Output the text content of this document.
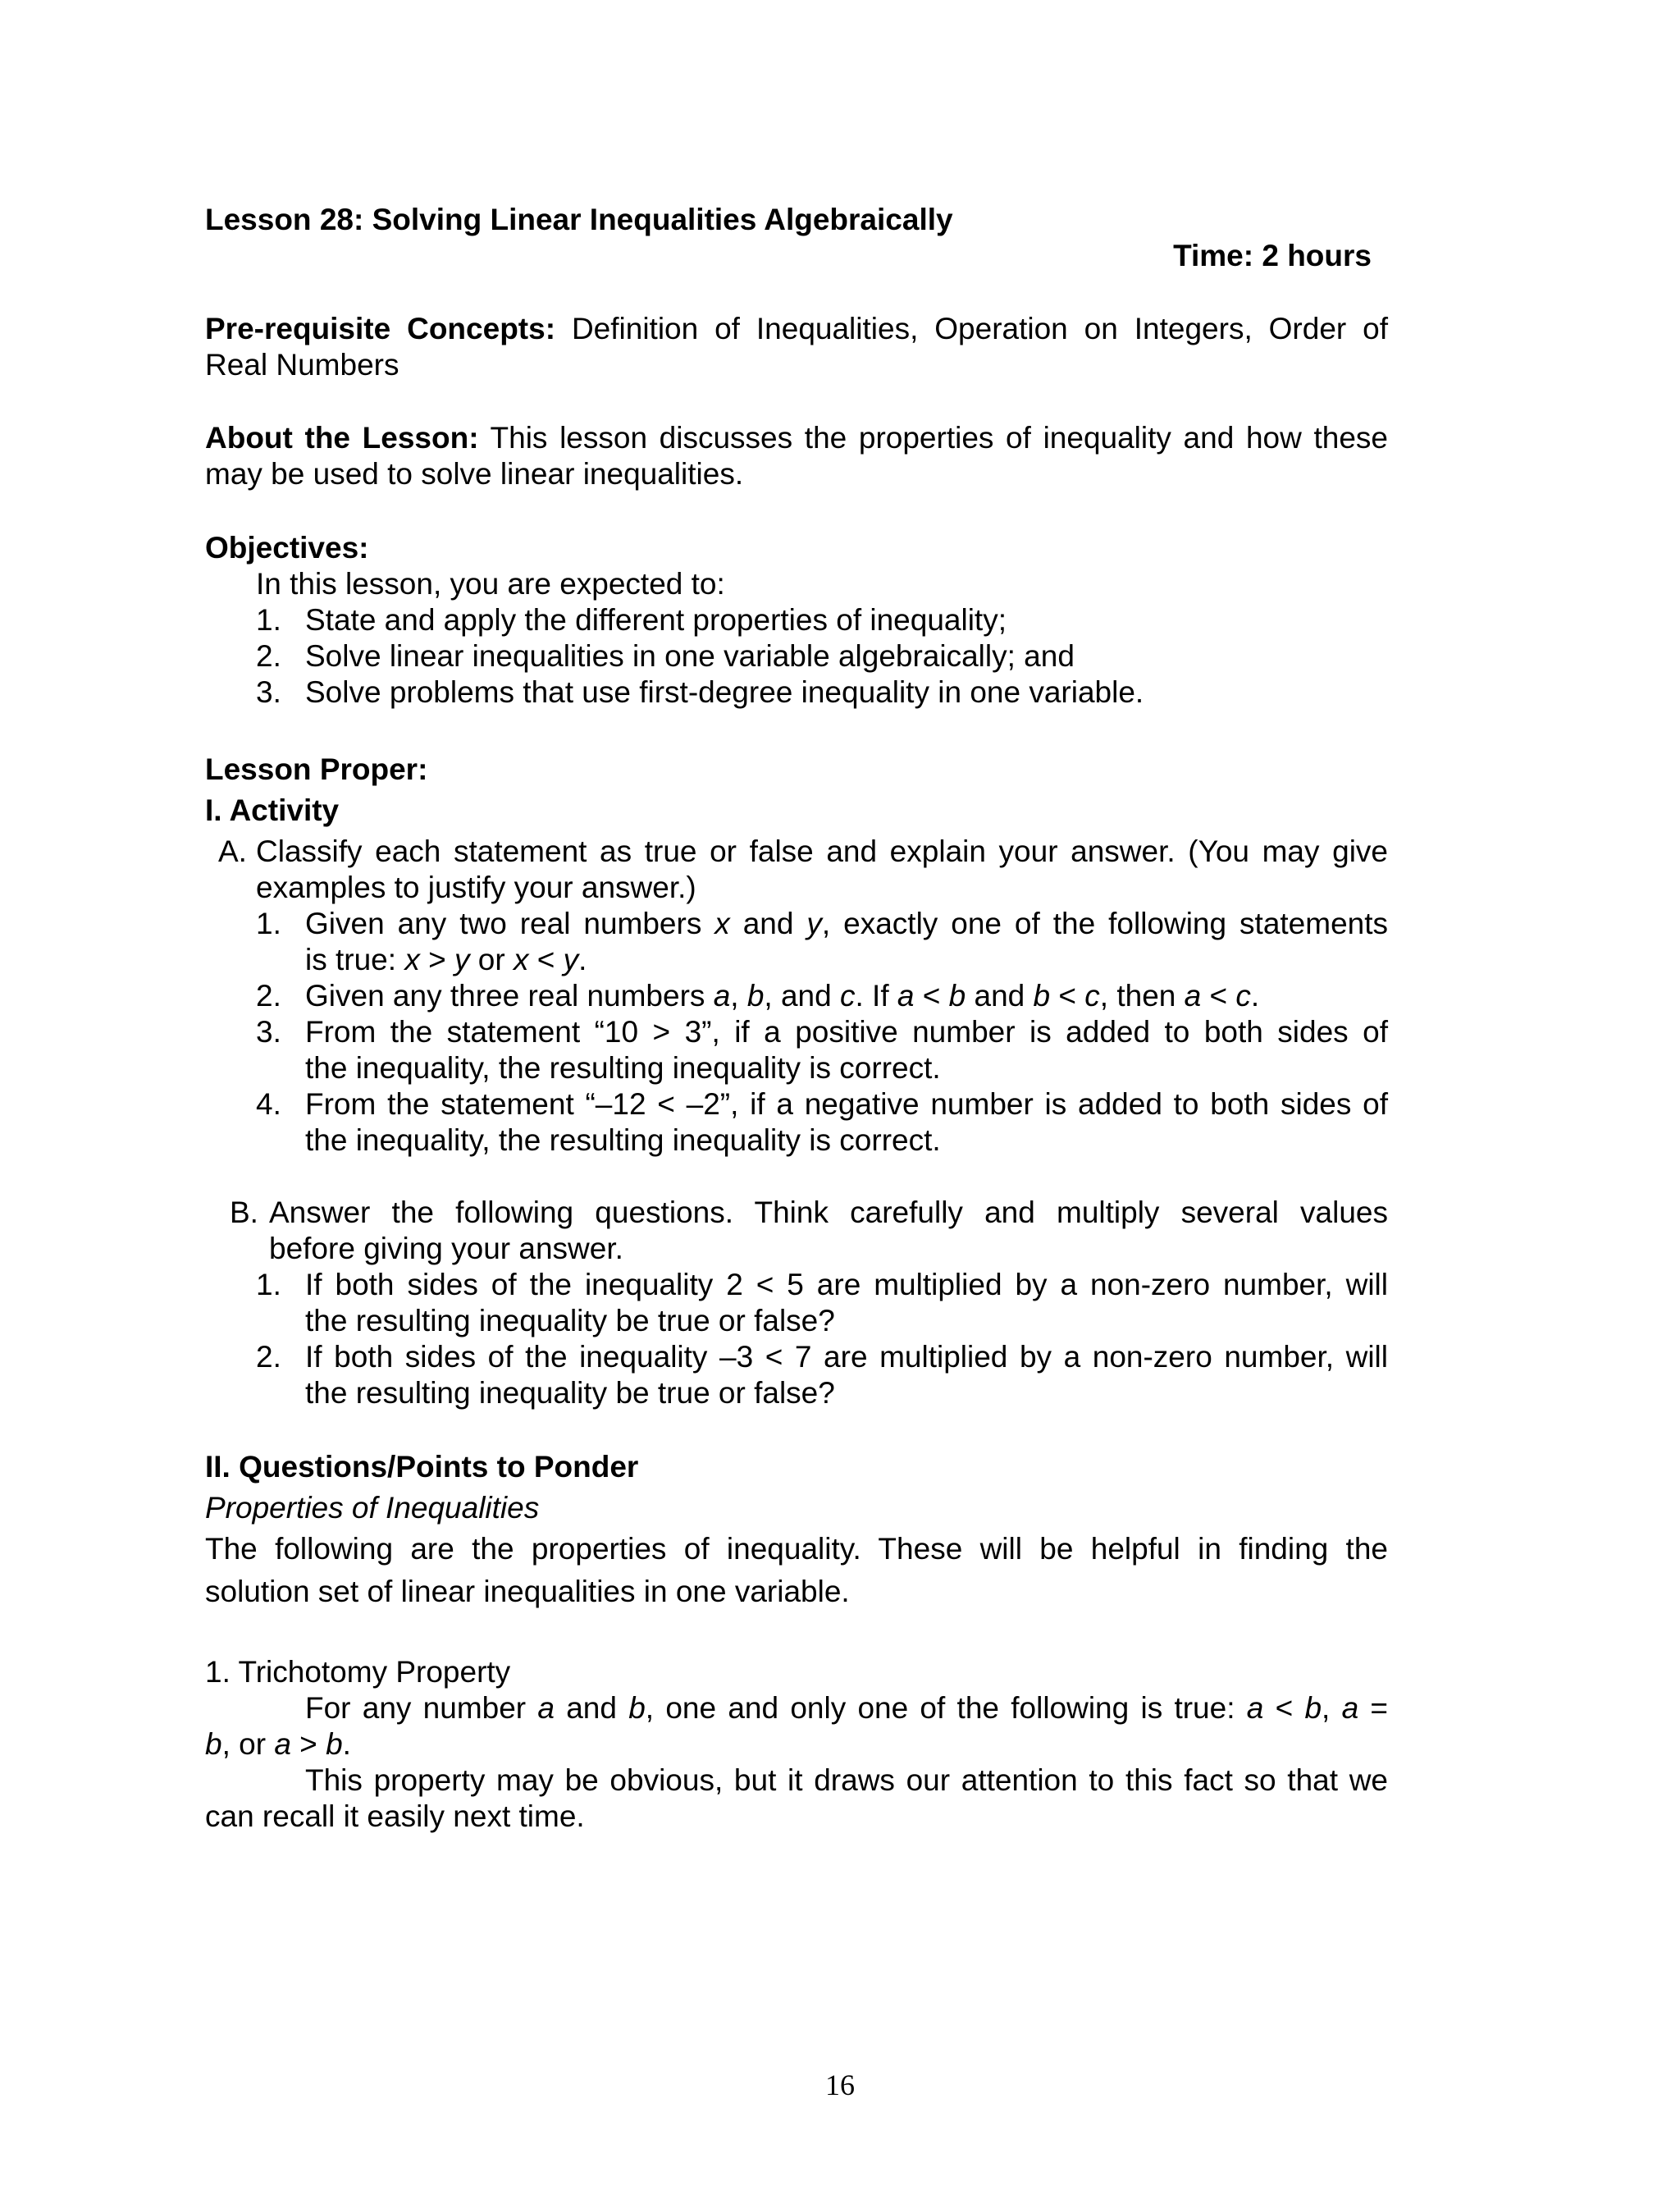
Lesson 28: Solving Linear Inequalities Algebraically
Time: 2 hours
Pre-requisite Concepts: Definition of Inequalities, Operation on Integers, Order of
Real Numbers
About the Lesson: This lesson discusses the properties of inequality and how these
may be used to solve linear inequalities.
Objectives:
In this lesson, you are expected to:
1. State and apply the different properties of inequality;
2. Solve linear inequalities in one variable algebraically; and
3. Solve problems that use first-degree inequality in one variable.
Lesson Proper:
I. Activity
A. Classify each statement as true or false and explain your answer. (You may give
examples to justify your answer.)
1. Given any two real numbers x and y, exactly one of the following statements
is true: x > y or x < y.
2. Given any three real numbers a, b, and c. If a < b and b < c, then a < c.
3. From the statement “10 > 3”, if a positive number is added to both sides of
the inequality, the resulting inequality is correct.
4. From the statement “–12 < –2”, if a negative number is added to both sides of
the inequality, the resulting inequality is correct.
B. Answer the following questions. Think carefully and multiply several values
before giving your answer.
1. If both sides of the inequality 2 < 5 are multiplied by a non-zero number, will
the resulting inequality be true or false?
2. If both sides of the inequality –3 < 7 are multiplied by a non-zero number, will
the resulting inequality be true or false?
II. Questions/Points to Ponder
Properties of Inequalities
The following are the properties of inequality. These will be helpful in finding the
solution set of linear inequalities in one variable.
1. Trichotomy Property
For any number a and b, one and only one of the following is true: a < b, a =
b, or a > b.
This property may be obvious, but it draws our attention to this fact so that we
can recall it easily next time.
16
